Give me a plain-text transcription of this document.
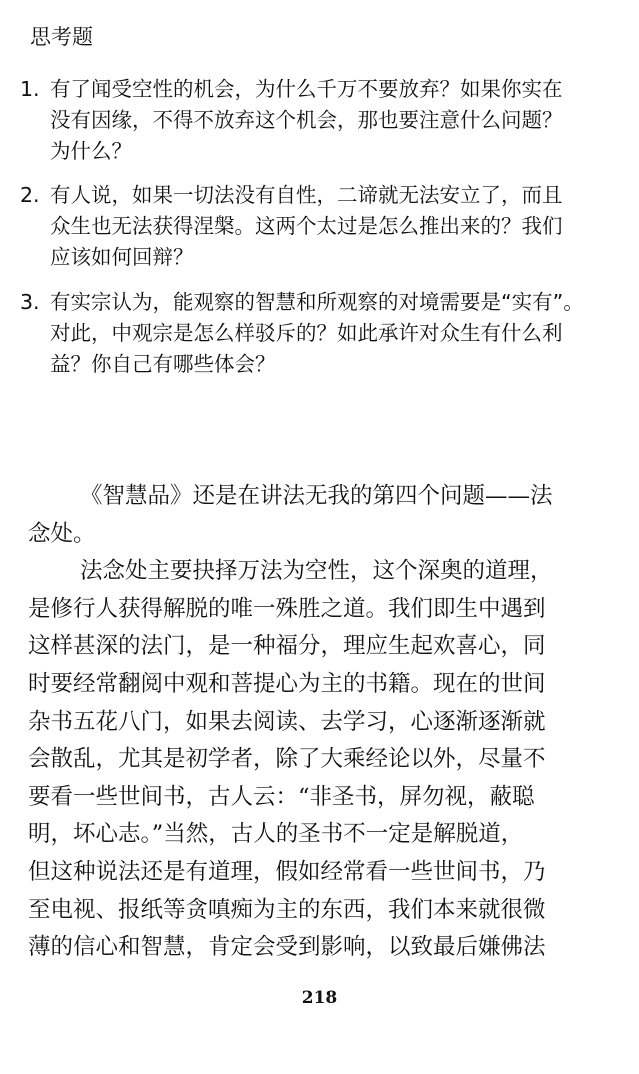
思考题
1. 有了闻受空性的机会，为什么千万不要放弃？如果你实在
没有因缘，不得不放弃这个机会，那也要注意什么问题？
为什么？
2. 有人说，如果一切法没有自性，二谛就无法安立了，而且
众生也无法获得涅槃。这两个太过是怎么推出来的？我们
应该如何回辩？
3. 有实宗认为，能观察的智慧和所观察的对境需要是“实有”。
对此，中观宗是怎么样驳斥的？如此承许对众生有什么利
益？你自己有哪些体会？
《智慧品》还是在讲法无我的第四个问题——法
念处。
法念处主要抉择万法为空性，这个深奥的道理，
是修行人获得解脱的唯一殊胜之道。我们即生中遇到
这样甚深的法门，是一种福分，理应生起欢喜心，同
时要经常翻阅中观和菩提心为主的书籍。现在的世间
杂书五花八门，如果去阅读、去学习，心逐渐逐渐就
会散乱，尤其是初学者，除了大乘经论以外，尽量不
要看一些世间书，古人云：“非圣书，屏勿视，蔽聪
明，坏心志。”当然，古人的圣书不一定是解脱道，
但这种说法还是有道理，假如经常看一些世间书，乃
至电视、报纸等贪嗔痴为主的东西，我们本来就很微
薄的信心和智慧，肯定会受到影响，以致最后嫌佛法
218
